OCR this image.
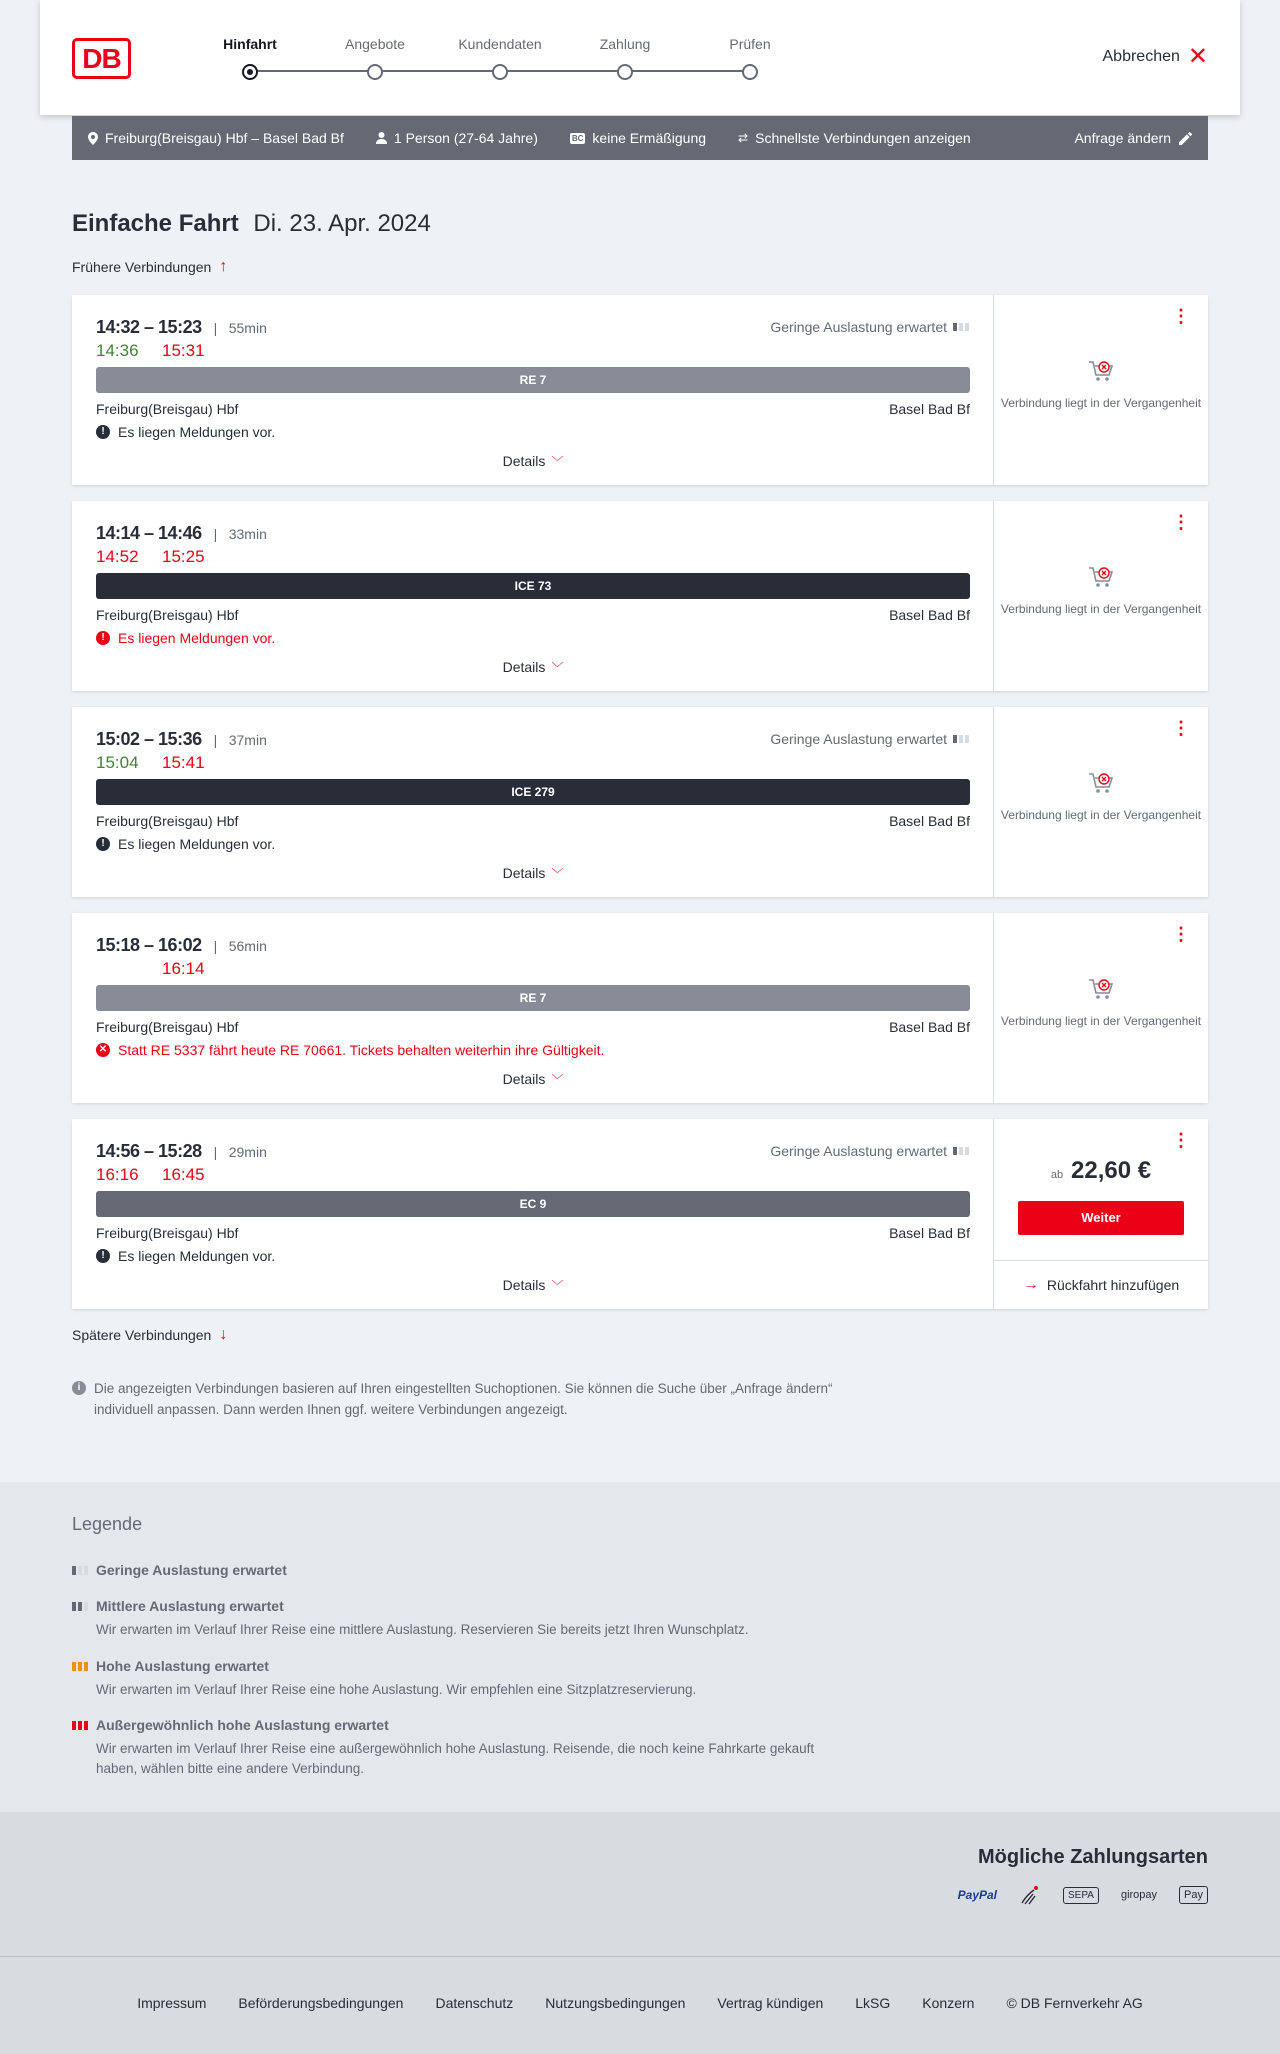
DB	Hinfahrt	Angebote	Kundendaten	Zahlung	Prüfen
Abbrechen ✕
Freiburg(Breisgau) Hbf – Basel Bad Bf	1 Person (27-64 Jahre)	BC keine Ermäßigung	⇄ Schnellste Verbindungen anzeigen	Anfrage ändern
Einfache Fahrt Di. 23. Apr. 2024
Frühere Verbindungen ↑
14:32 – 15:23 | 55min
14:36	15:31
Geringe Auslastung erwartet
RE 7
Freiburg(Breisgau) Hbf	Basel Bad Bf
! Es liegen Meldungen vor.
Details ﹀
⋮
Verbindung liegt in der Vergangenheit
14:14 – 14:46 | 33min
14:52	15:25
ICE 73
Freiburg(Breisgau) Hbf	Basel Bad Bf
! Es liegen Meldungen vor.
Details ﹀
⋮
Verbindung liegt in der Vergangenheit
15:02 – 15:36 | 37min
15:04	15:41
Geringe Auslastung erwartet
ICE 279
Freiburg(Breisgau) Hbf	Basel Bad Bf
! Es liegen Meldungen vor.
Details ﹀
⋮
Verbindung liegt in der Vergangenheit
15:18 – 16:02 | 56min
16:14
RE 7
Freiburg(Breisgau) Hbf	Basel Bad Bf
✕ Statt RE 5337 fährt heute RE 70661. Tickets behalten weiterhin ihre Gültigkeit.
Details ﹀
⋮
Verbindung liegt in der Vergangenheit
14:56 – 15:28 | 29min
16:16	16:45
Geringe Auslastung erwartet
EC 9
Freiburg(Breisgau) Hbf	Basel Bad Bf
! Es liegen Meldungen vor.
Details ﹀
⋮
ab 22,60 €
Weiter
→ Rückfahrt hinzufügen
Spätere Verbindungen ↓
i	Die angezeigten Verbindungen basieren auf Ihren eingestellten Suchoptionen. Sie können die Suche über „Anfrage ändern“ individuell anpassen. Dann werden Ihnen ggf. weitere Verbindungen angezeigt.
Legende
Geringe Auslastung erwartet
Mittlere Auslastung erwartet
Wir erwarten im Verlauf Ihrer Reise eine mittlere Auslastung. Reservieren Sie bereits jetzt Ihren Wunschplatz.
Hohe Auslastung erwartet
Wir erwarten im Verlauf Ihrer Reise eine hohe Auslastung. Wir empfehlen eine Sitzplatzreservierung.
Außergewöhnlich hohe Auslastung erwartet
Wir erwarten im Verlauf Ihrer Reise eine außergewöhnlich hohe Auslastung. Reisende, die noch keine Fahrkarte gekauft haben, wählen bitte eine andere Verbindung.
Mögliche Zahlungsarten
PayPal	SEPA	giropay	Pay
Impressum Beförderungsbedingungen Datenschutz Nutzungsbedingungen Vertrag kündigen LkSG Konzern © DB Fernverkehr AG
